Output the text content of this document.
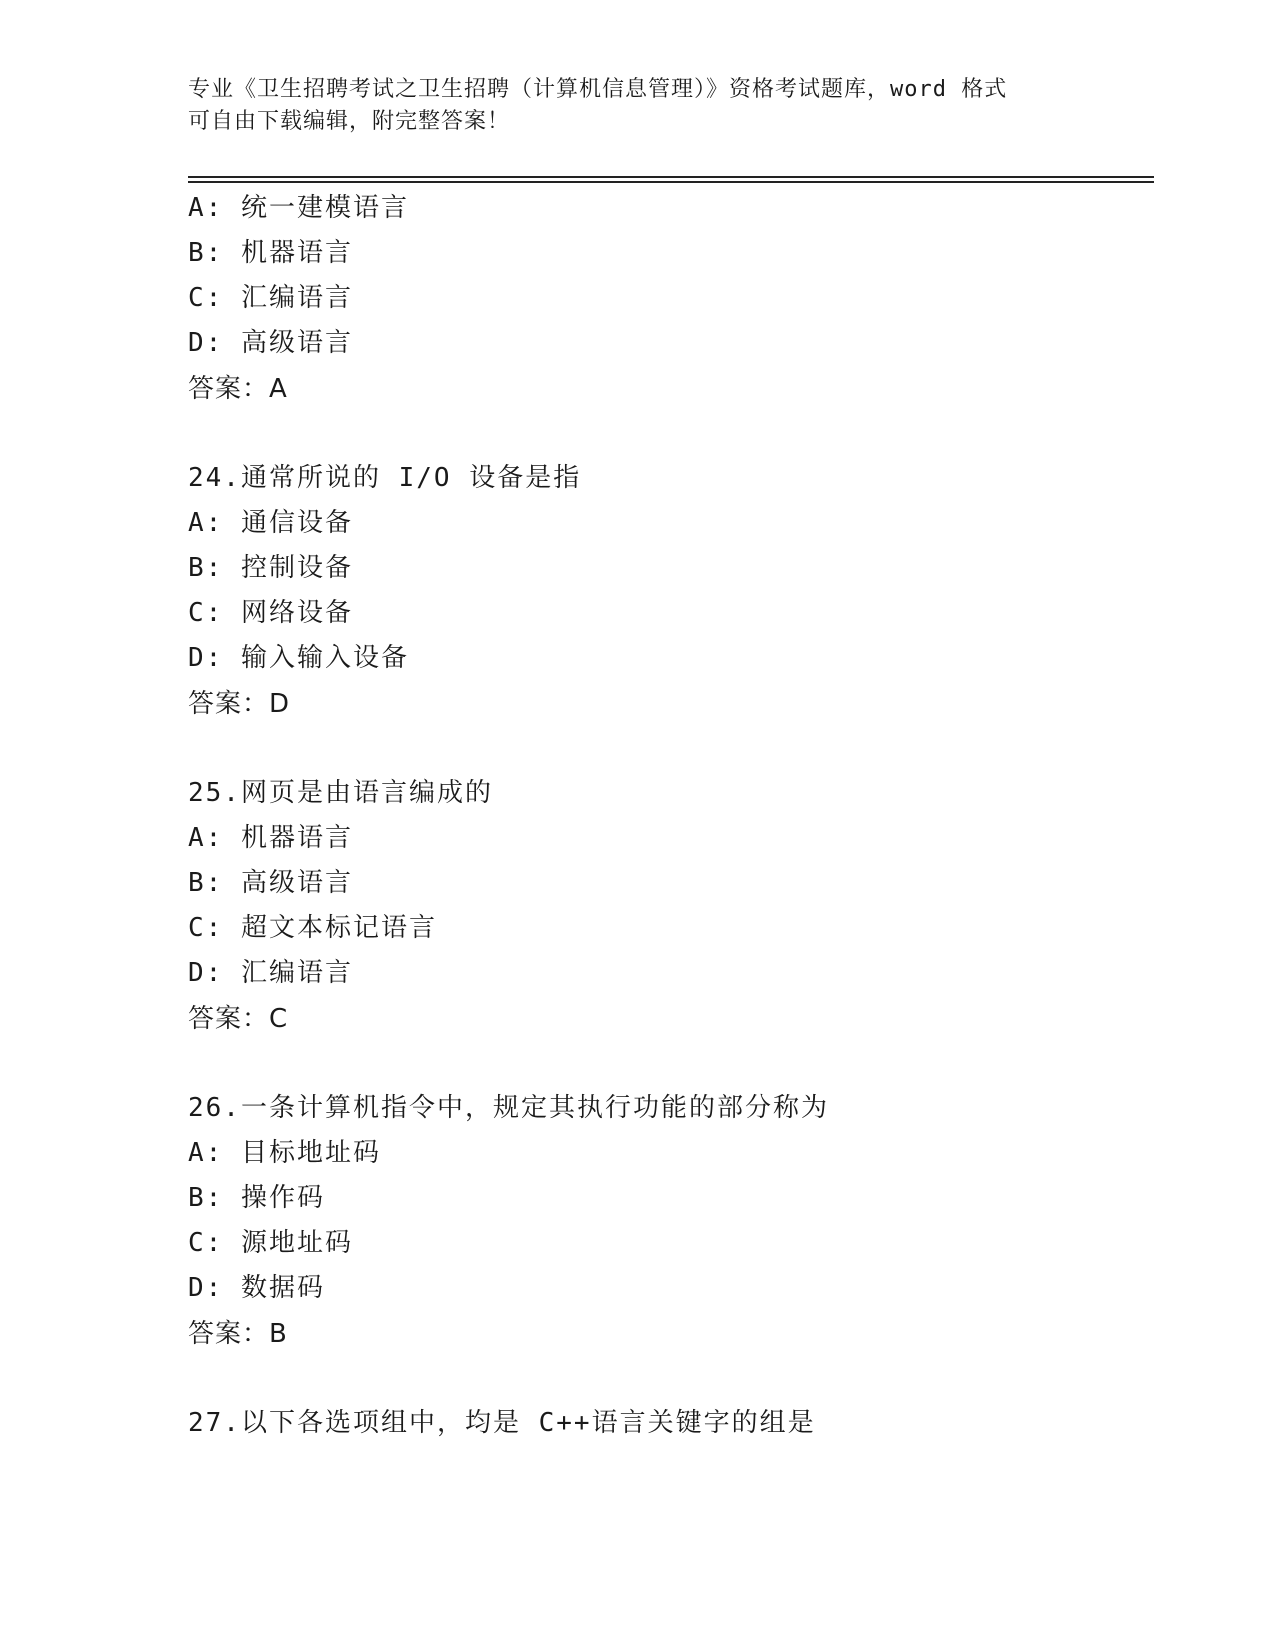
专业《卫生招聘考试之卫生招聘（计算机信息管理）》资格考试题库，word 格式
可自由下载编辑，附完整答案！
A: 统一建模语言
B: 机器语言
C: 汇编语言
D: 高级语言
答案：A
24.通常所说的 I/O 设备是指
A: 通信设备
B: 控制设备
C: 网络设备
D: 输入输入设备
答案：D
25.网页是由语言编成的
A: 机器语言
B: 高级语言
C: 超文本标记语言
D: 汇编语言
答案：C
26.一条计算机指令中，规定其执行功能的部分称为
A: 目标地址码
B: 操作码
C: 源地址码
D: 数据码
答案：B
27.以下各选项组中，均是 C++语言关键字的组是
